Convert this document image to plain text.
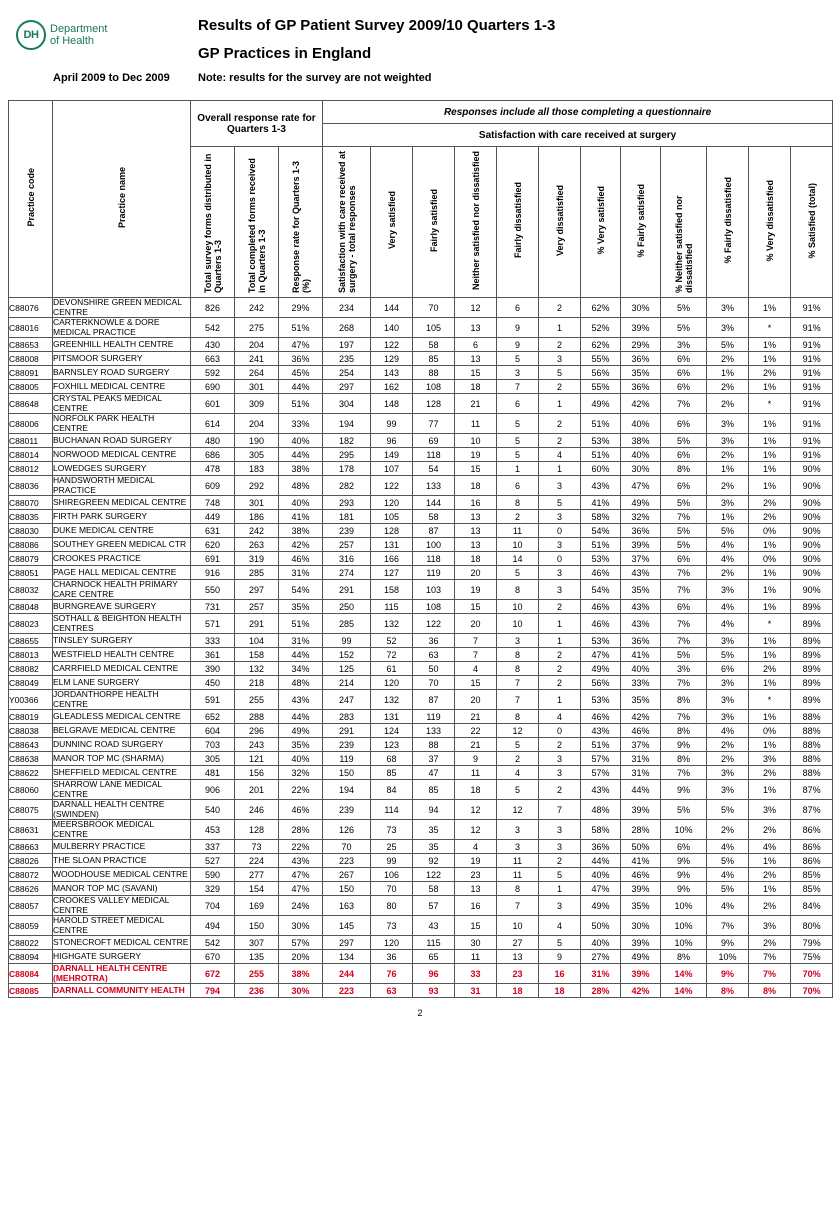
DH	Department
of Health
Results of GP Patient Survey 2009/10 Quarters 1-3
GP Practices in England
April 2009 to Dec 2009	Note: results for the survey are not weighted
Practice code	Practice name	Overall response rate for Quarters 1-3			Responses include all those completing a questionnaire											
					Satisfaction with care received at surgery											

		Total survey forms distributed in Quarters 1-3	Total completed forms received in Quarters 1-3	Response rate for Quarters 1-3 (%)	Satisfaction with care received at surgery - total responses	Very satisfied	Fairly satisfied	Neither satisfied nor dissatisfied	Fairly dissatisfied	Very dissatisfied	% Very satisfied	% Fairly satisfied	% Neither satisfied nor dissatisfied	% Fairly dissatisfied	% Very dissatisfied	% Satisfied (total)

C88076	DEVONSHIRE GREEN MEDICAL CENTRE	826	242	29%	234	144	70	12	6	2	62%	30%	5%	3%	1%	91%
C88016	CARTERKNOWLE & DORE MEDICAL PRACTICE	542	275	51%	268	140	105	13	9	1	52%	39%	5%	3%	*	91%
C88653	GREENHILL HEALTH CENTRE	430	204	47%	197	122	58	6	9	2	62%	29%	3%	5%	1%	91%
C88008	PITSMOOR SURGERY	663	241	36%	235	129	85	13	5	3	55%	36%	6%	2%	1%	91%
C88091	BARNSLEY ROAD SURGERY	592	264	45%	254	143	88	15	3	5	56%	35%	6%	1%	2%	91%
C88005	FOXHILL MEDICAL CENTRE	690	301	44%	297	162	108	18	7	2	55%	36%	6%	2%	1%	91%
C88648	CRYSTAL PEAKS MEDICAL CENTRE	601	309	51%	304	148	128	21	6	1	49%	42%	7%	2%	*	91%
C88006	NORFOLK PARK HEALTH CENTRE	614	204	33%	194	99	77	11	5	2	51%	40%	6%	3%	1%	91%
C88011	BUCHANAN ROAD SURGERY	480	190	40%	182	96	69	10	5	2	53%	38%	5%	3%	1%	91%
C88014	NORWOOD MEDICAL CENTRE	686	305	44%	295	149	118	19	5	4	51%	40%	6%	2%	1%	91%
C88012	LOWEDGES SURGERY	478	183	38%	178	107	54	15	1	1	60%	30%	8%	1%	1%	90%
C88036	HANDSWORTH MEDICAL PRACTICE	609	292	48%	282	122	133	18	6	3	43%	47%	6%	2%	1%	90%
C88070	SHIREGREEN MEDICAL CENTRE	748	301	40%	293	120	144	16	8	5	41%	49%	5%	3%	2%	90%
C88035	FIRTH PARK SURGERY	449	186	41%	181	105	58	13	2	3	58%	32%	7%	1%	2%	90%
C88030	DUKE MEDICAL CENTRE	631	242	38%	239	128	87	13	11	0	54%	36%	5%	5%	0%	90%
C88086	SOUTHEY GREEN MEDICAL CTR	620	263	42%	257	131	100	13	10	3	51%	39%	5%	4%	1%	90%
C88079	CROOKES PRACTICE	691	319	46%	316	166	118	18	14	0	53%	37%	6%	4%	0%	90%
C88051	PAGE HALL MEDICAL CENTRE	916	285	31%	274	127	119	20	5	3	46%	43%	7%	2%	1%	90%
C88032	CHARNOCK HEALTH PRIMARY CARE CENTRE	550	297	54%	291	158	103	19	8	3	54%	35%	7%	3%	1%	90%
C88048	BURNGREAVE SURGERY	731	257	35%	250	115	108	15	10	2	46%	43%	6%	4%	1%	89%
C88023	SOTHALL & BEIGHTON HEALTH CENTRES	571	291	51%	285	132	122	20	10	1	46%	43%	7%	4%	*	89%
C88655	TINSLEY SURGERY	333	104	31%	99	52	36	7	3	1	53%	36%	7%	3%	1%	89%
C88013	WESTFIELD HEALTH CENTRE	361	158	44%	152	72	63	7	8	2	47%	41%	5%	5%	1%	89%
C88082	CARRFIELD MEDICAL CENTRE	390	132	34%	125	61	50	4	8	2	49%	40%	3%	6%	2%	89%
C88049	ELM LANE SURGERY	450	218	48%	214	120	70	15	7	2	56%	33%	7%	3%	1%	89%
Y00366	JORDANTHORPE HEALTH CENTRE	591	255	43%	247	132	87	20	7	1	53%	35%	8%	3%	*	89%
C88019	GLEADLESS MEDICAL CENTRE	652	288	44%	283	131	119	21	8	4	46%	42%	7%	3%	1%	88%
C88038	BELGRAVE MEDICAL CENTRE	604	296	49%	291	124	133	22	12	0	43%	46%	8%	4%	0%	88%
C88643	DUNNINC ROAD SURGERY	703	243	35%	239	123	88	21	5	2	51%	37%	9%	2%	1%	88%
C88638	MANOR TOP MC (SHARMA)	305	121	40%	119	68	37	9	2	3	57%	31%	8%	2%	3%	88%
C88622	SHEFFIELD MEDICAL CENTRE	481	156	32%	150	85	47	11	4	3	57%	31%	7%	3%	2%	88%
C88060	SHARROW LANE MEDICAL CENTRE	906	201	22%	194	84	85	18	5	2	43%	44%	9%	3%	1%	87%
C88075	DARNALL HEALTH CENTRE (SWINDEN)	540	246	46%	239	114	94	12	12	7	48%	39%	5%	5%	3%	87%
C88631	MEERSBROOK MEDICAL CENTRE	453	128	28%	126	73	35	12	3	3	58%	28%	10%	2%	2%	86%
C88663	MULBERRY PRACTICE	337	73	22%	70	25	35	4	3	3	36%	50%	6%	4%	4%	86%
C88026	THE SLOAN PRACTICE	527	224	43%	223	99	92	19	11	2	44%	41%	9%	5%	1%	86%
C88072	WOODHOUSE MEDICAL CENTRE	590	277	47%	267	106	122	23	11	5	40%	46%	9%	4%	2%	85%
C88626	MANOR TOP MC (SAVANI)	329	154	47%	150	70	58	13	8	1	47%	39%	9%	5%	1%	85%
C88057	CROOKES VALLEY MEDICAL CENTRE	704	169	24%	163	80	57	16	7	3	49%	35%	10%	4%	2%	84%
C88059	HAROLD STREET MEDICAL CENTRE	494	150	30%	145	73	43	15	10	4	50%	30%	10%	7%	3%	80%
C88022	STONECROFT MEDICAL CENTRE	542	307	57%	297	120	115	30	27	5	40%	39%	10%	9%	2%	79%
C88094	HIGHGATE SURGERY	670	135	20%	134	36	65	11	13	9	27%	49%	8%	10%	7%	75%
C88084	DARNALL HEALTH CENTRE (MEHROTRA)	672	255	38%	244	76	96	33	23	16	31%	39%	14%	9%	7%	70%
C88085	DARNALL COMMUNITY HEALTH	794	236	30%	223	63	93	31	18	18	28%	42%	14%	8%	8%	70%
2
